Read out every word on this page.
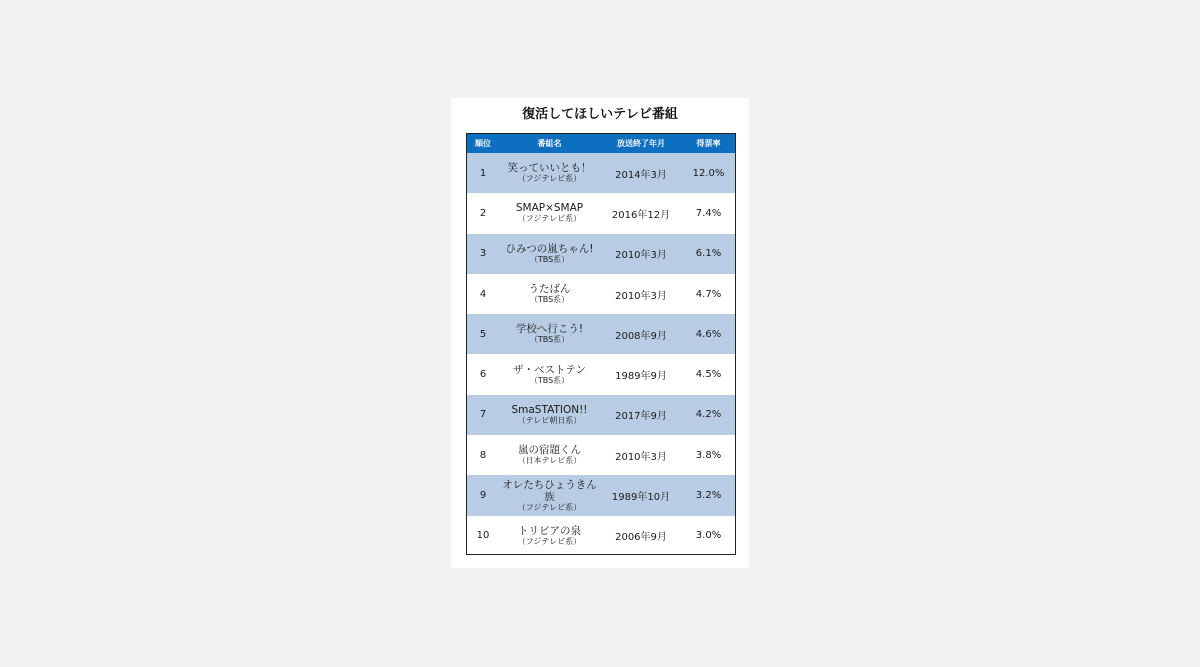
復活してほしいテレビ番組
順位	番組名	放送終了年月	得票率
1	笑っていいとも！
（フジテレビ系）	2014年3月	12.0%
2	SMAP×SMAP
（フジテレビ系）	2016年12月	7.4%
3	ひみつの嵐ちゃん!
（TBS系）	2010年3月	6.1%
4	うたばん
（TBS系）	2010年3月	4.7%
5	学校へ行こう!
（TBS系）	2008年9月	4.6%
6	ザ・ベストテン
（TBS系）	1989年9月	4.5%
7	SmaSTATION!!
（テレビ朝日系）	2017年9月	4.2%
8	嵐の宿題くん
（日本テレビ系）	2010年3月	3.8%
9
オレたちひょうきん族
（フジテレビ系）
1989年10月	3.2%
10	トリビアの泉
（フジテレビ系）	2006年9月	3.0%
